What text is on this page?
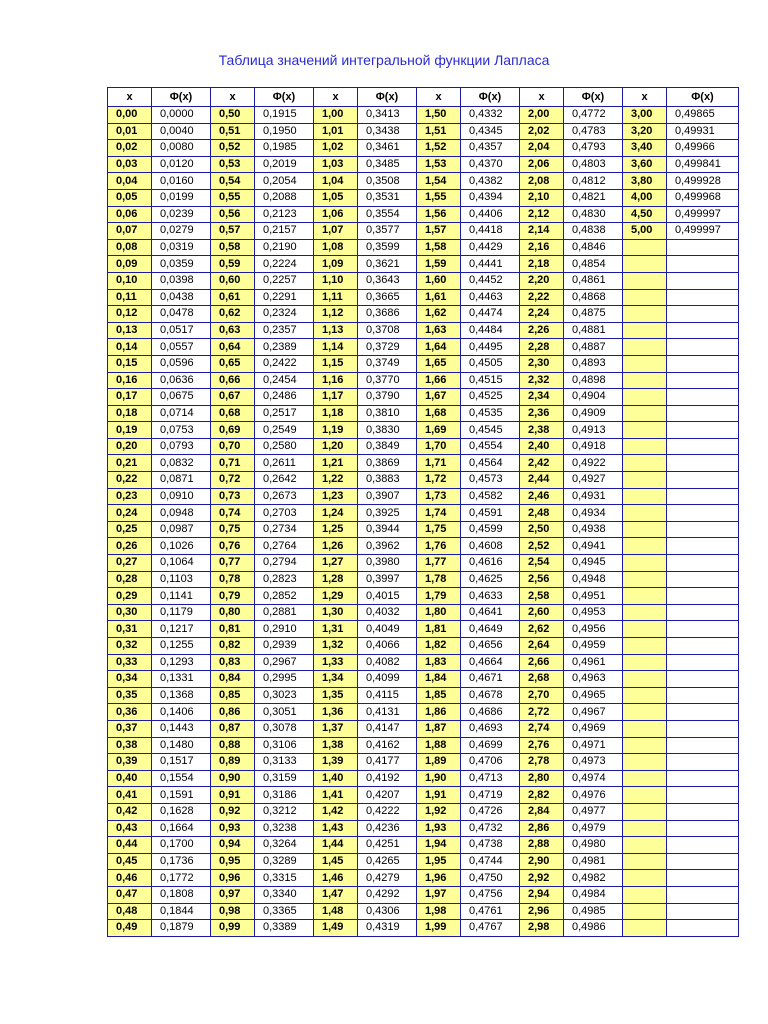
Таблица значений интегральной функции Лапласа
x	Φ(x)	x	Φ(x)	x	Φ(x)	x	Φ(x)	x	Φ(x)	x	Φ(x)
0,00	0,0000	0,50	0,1915	1,00	0,3413	1,50	0,4332	2,00	0,4772	3,00	0,49865
0,01	0,0040	0,51	0,1950	1,01	0,3438	1,51	0,4345	2,02	0,4783	3,20	0,49931
0,02	0,0080	0,52	0,1985	1,02	0,3461	1,52	0,4357	2,04	0,4793	3,40	0,49966
0,03	0,0120	0,53	0,2019	1,03	0,3485	1,53	0,4370	2,06	0,4803	3,60	0,499841
0,04	0,0160	0,54	0,2054	1,04	0,3508	1,54	0,4382	2,08	0,4812	3,80	0,499928
0,05	0,0199	0,55	0,2088	1,05	0,3531	1,55	0,4394	2,10	0,4821	4,00	0,499968
0,06	0,0239	0,56	0,2123	1,06	0,3554	1,56	0,4406	2,12	0,4830	4,50	0,499997
0,07	0,0279	0,57	0,2157	1,07	0,3577	1,57	0,4418	2,14	0,4838	5,00	0,499997
0,08	0,0319	0,58	0,2190	1,08	0,3599	1,58	0,4429	2,16	0,4846		
0,09	0,0359	0,59	0,2224	1,09	0,3621	1,59	0,4441	2,18	0,4854		
0,10	0,0398	0,60	0,2257	1,10	0,3643	1,60	0,4452	2,20	0,4861		
0,11	0,0438	0,61	0,2291	1,11	0,3665	1,61	0,4463	2,22	0,4868		
0,12	0,0478	0,62	0,2324	1,12	0,3686	1,62	0,4474	2,24	0,4875		
0,13	0,0517	0,63	0,2357	1,13	0,3708	1,63	0,4484	2,26	0,4881		
0,14	0,0557	0,64	0,2389	1,14	0,3729	1,64	0,4495	2,28	0,4887		
0,15	0,0596	0,65	0,2422	1,15	0,3749	1,65	0,4505	2,30	0,4893		
0,16	0,0636	0,66	0,2454	1,16	0,3770	1,66	0,4515	2,32	0,4898		
0,17	0,0675	0,67	0,2486	1,17	0,3790	1,67	0,4525	2,34	0,4904		
0,18	0,0714	0,68	0,2517	1,18	0,3810	1,68	0,4535	2,36	0,4909		
0,19	0,0753	0,69	0,2549	1,19	0,3830	1,69	0,4545	2,38	0,4913		
0,20	0,0793	0,70	0,2580	1,20	0,3849	1,70	0,4554	2,40	0,4918		
0,21	0,0832	0,71	0,2611	1,21	0,3869	1,71	0,4564	2,42	0,4922		
0,22	0,0871	0,72	0,2642	1,22	0,3883	1,72	0,4573	2,44	0,4927		
0,23	0,0910	0,73	0,2673	1,23	0,3907	1,73	0,4582	2,46	0,4931		
0,24	0,0948	0,74	0,2703	1,24	0,3925	1,74	0,4591	2,48	0,4934		
0,25	0,0987	0,75	0,2734	1,25	0,3944	1,75	0,4599	2,50	0,4938		
0,26	0,1026	0,76	0,2764	1,26	0,3962	1,76	0,4608	2,52	0,4941		
0,27	0,1064	0,77	0,2794	1,27	0,3980	1,77	0,4616	2,54	0,4945		
0,28	0,1103	0,78	0,2823	1,28	0,3997	1,78	0,4625	2,56	0,4948		
0,29	0,1141	0,79	0,2852	1,29	0,4015	1,79	0,4633	2,58	0,4951		
0,30	0,1179	0,80	0,2881	1,30	0,4032	1,80	0,4641	2,60	0,4953		
0,31	0,1217	0,81	0,2910	1,31	0,4049	1,81	0,4649	2,62	0,4956		
0,32	0,1255	0,82	0,2939	1,32	0,4066	1,82	0,4656	2,64	0,4959		
0,33	0,1293	0,83	0,2967	1,33	0,4082	1,83	0,4664	2,66	0,4961		
0,34	0,1331	0,84	0,2995	1,34	0,4099	1,84	0,4671	2,68	0,4963		
0,35	0,1368	0,85	0,3023	1,35	0,4115	1,85	0,4678	2,70	0,4965		
0,36	0,1406	0,86	0,3051	1,36	0,4131	1,86	0,4686	2,72	0,4967		
0,37	0,1443	0,87	0,3078	1,37	0,4147	1,87	0,4693	2,74	0,4969		
0,38	0,1480	0,88	0,3106	1,38	0,4162	1,88	0,4699	2,76	0,4971		
0,39	0,1517	0,89	0,3133	1,39	0,4177	1,89	0,4706	2,78	0,4973		
0,40	0,1554	0,90	0,3159	1,40	0,4192	1,90	0,4713	2,80	0,4974		
0,41	0,1591	0,91	0,3186	1,41	0,4207	1,91	0,4719	2,82	0,4976		
0,42	0,1628	0,92	0,3212	1,42	0,4222	1,92	0,4726	2,84	0,4977		
0,43	0,1664	0,93	0,3238	1,43	0,4236	1,93	0,4732	2,86	0,4979		
0,44	0,1700	0,94	0,3264	1,44	0,4251	1,94	0,4738	2,88	0,4980		
0,45	0,1736	0,95	0,3289	1,45	0,4265	1,95	0,4744	2,90	0,4981		
0,46	0,1772	0,96	0,3315	1,46	0,4279	1,96	0,4750	2,92	0,4982		
0,47	0,1808	0,97	0,3340	1,47	0,4292	1,97	0,4756	2,94	0,4984		
0,48	0,1844	0,98	0,3365	1,48	0,4306	1,98	0,4761	2,96	0,4985		
0,49	0,1879	0,99	0,3389	1,49	0,4319	1,99	0,4767	2,98	0,4986		
